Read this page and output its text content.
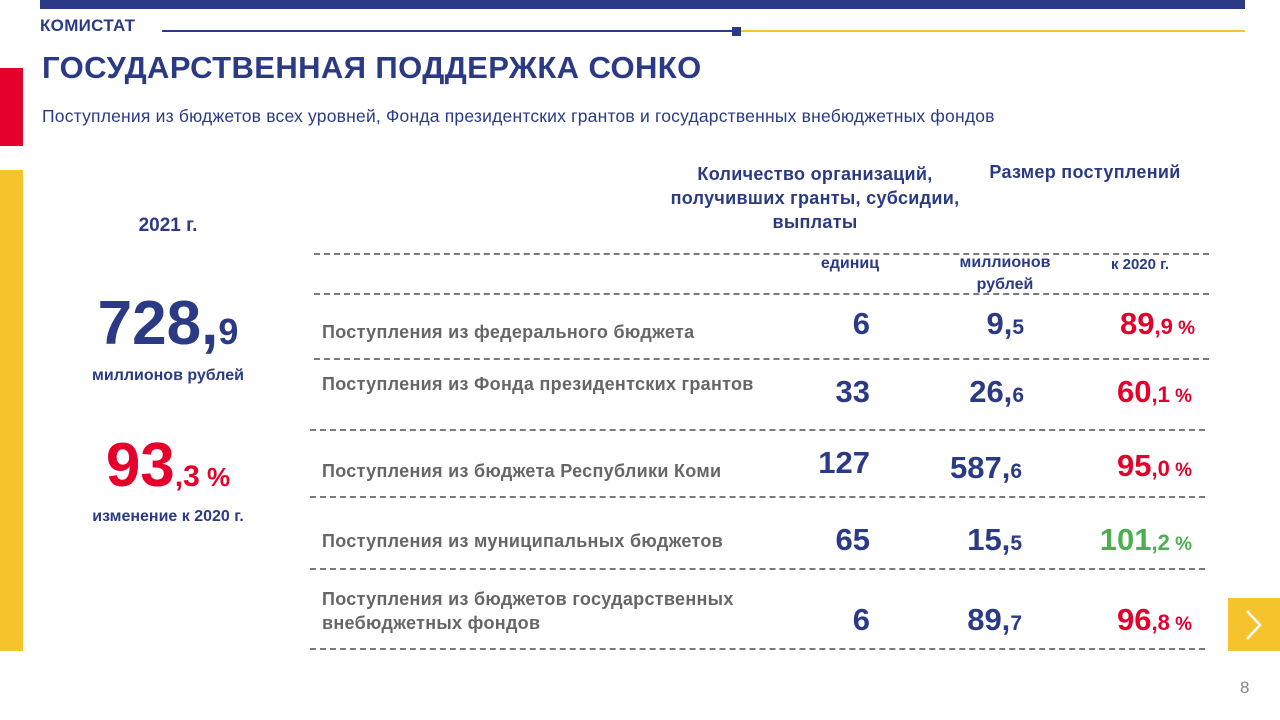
КОМИСТАТ
ГОСУДАРСТВЕННАЯ ПОДДЕРЖКА СОНКО
Поступления из бюджетов всех уровней, Фонда президентских грантов и государственных внебюджетных фондов
2021 г.
728,9
миллионов рублей
93,3 %
изменение к 2020 г.
Количество организаций, получивших гранты, субсидии, выплаты
Размер поступлений
единиц	миллионов рублей
к 2020 г.
Поступления из федерального бюджета	6	9,5	89,9 %
Поступления из Фонда президентских грантов	33	26,6	60,1 %
Поступления из бюджета Республики Коми	127	587,6	95,0 %
Поступления из муниципальных бюджетов	65	15,5	101,2 %
Поступления из бюджетов государственных внебюджетных фондов	6	89,7	96,8 %
8
